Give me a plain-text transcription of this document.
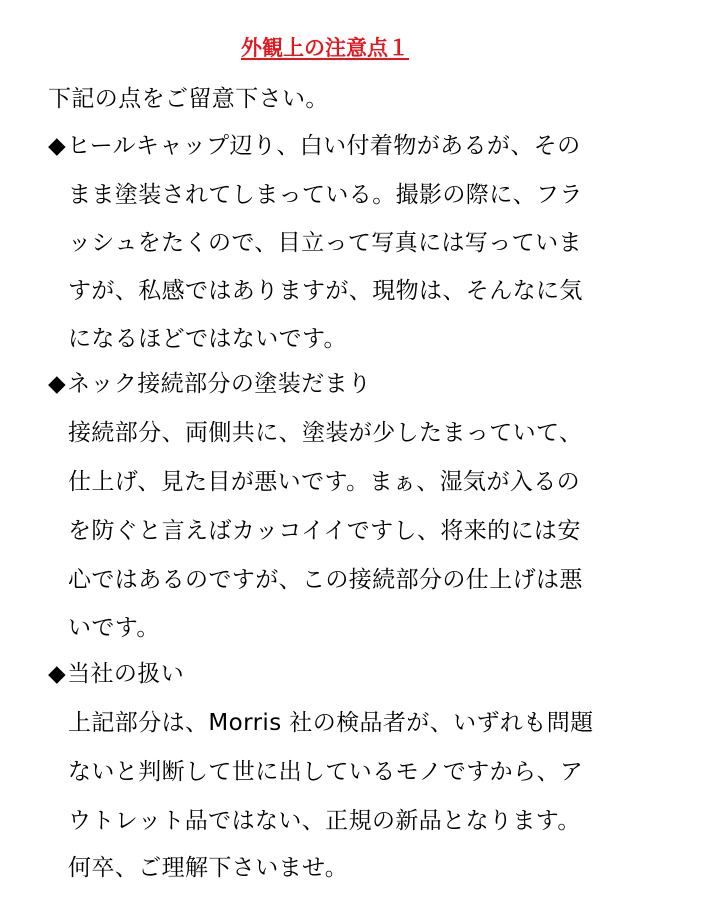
外観上の注意点１
下記の点をご留意下さい。
◆ヒールキャップ辺り、白い付着物があるが、その
まま塗装されてしまっている。撮影の際に、フラ
ッシュをたくので、目立って写真には写っていま
すが、私感ではありますが、現物は、そんなに気
になるほどではないです。
◆ネック接続部分の塗装だまり
接続部分、両側共に、塗装が少したまっていて、
仕上げ、見た目が悪いです。まぁ、湿気が入るの
を防ぐと言えばカッコイイですし、将来的には安
心ではあるのですが、この接続部分の仕上げは悪
いです。
◆当社の扱い
上記部分は、Morris 社の検品者が、いずれも問題
ないと判断して世に出しているモノですから、ア
ウトレット品ではない、正規の新品となります。
何卒、ご理解下さいませ。
